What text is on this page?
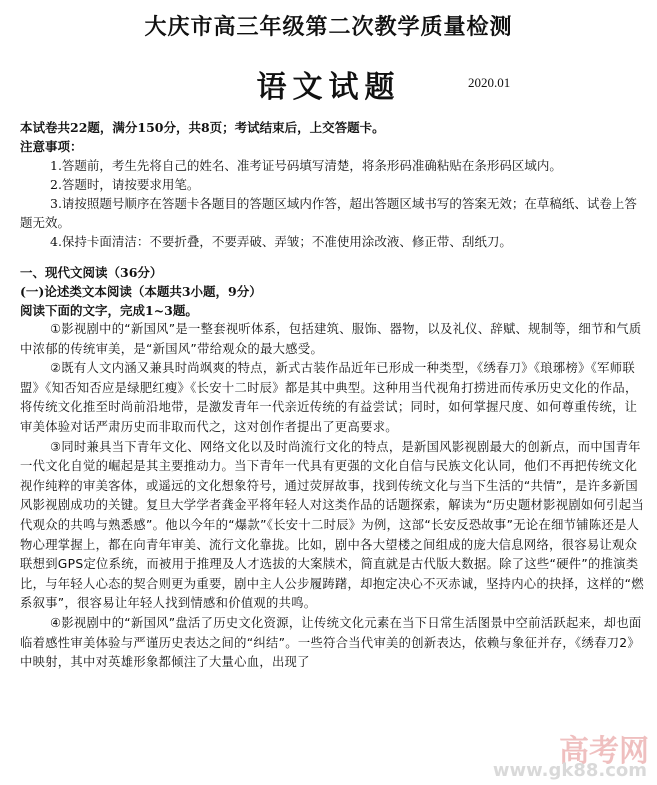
大庆市高三年级第二次教学质量检测
语文试题	2020.01

本试卷共22题，满分150分，共8页；考试结束后，上交答题卡。

注意事项：

1.答题前，考生先将自己的姓名、准考证号码填写清楚，将条形码准确粘贴在条形码区域内。

2.答题时，请按要求用笔。

3.请按照题号顺序在答题卡各题目的答题区域内作答，超出答题区域书写的答案无效；在草稿纸、试卷上答题无效。

4.保持卡面清洁：不要折叠，不要弄破、弄皱；不准使用涂改液、修正带、刮纸刀。

一、现代文阅读（36分）

(一)论述类文本阅读（本题共3小题，9分）

阅读下面的文字，完成1~3题。

①影视剧中的“新国风”是一整套视听体系，包括建筑、服饰、器物，以及礼仪、辞赋、规制等，细节和气质中浓郁的传统审美，是“新国风”带给观众的最大感受。

②既有人文内涵又兼具时尚飒爽的特点，新式古装作品近年已形成一种类型，《绣春刀》《琅琊榜》《军师联盟》《知否知否应是绿肥红瘦》《长安十二时辰》都是其中典型。这种用当代视角打捞进而传承历史文化的作品，将传统文化推至时尚前沿地带，是激发青年一代亲近传统的有益尝试；同时，如何掌握尺度、如何尊重传统，让审美体验对话严肃历史而非取而代之，这对创作者提出了更高要求。

③同时兼具当下青年文化、网络文化以及时尚流行文化的特点，是新国风影视剧最大的创新点，而中国青年一代文化自觉的崛起是其主要推动力。当下青年一代具有更强的文化自信与民族文化认同，他们不再把传统文化视作纯粹的审美客体，或遥远的文化想象符号，通过荧屏故事，找到传统文化与当下生活的“共情”，是许多新国风影视剧成功的关键。复旦大学学者龚金平将年轻人对这类作品的话题探索，解读为“历史题材影视剧如何引起当代观众的共鸣与熟悉感”。他以今年的“爆款”《长安十二时辰》为例，这部“长安反恐故事”无论在细节铺陈还是人物心理掌握上，都在向青年审美、流行文化靠拢。比如，剧中各大望楼之间组成的庞大信息网络，很容易让观众联想到GPS定位系统，而被用于推理及人才选拔的大案牍术，简直就是古代版大数据。除了这些“硬件”的推演类比，与年轻人心态的契合则更为重要，剧中主人公步履踌躇，却抱定决心不灭赤诚，坚持内心的抉择，这样的“燃系叙事”，很容易让年轻人找到情感和价值观的共鸣。

④影视剧中的“新国风”盘活了历史文化资源，让传统文化元素在当下日常生活图景中空前活跃起来，却也面临着感性审美体验与严谨历史表达之间的“纠结”。一些符合当代审美的创新表达，依赖与象征并存，《绣春刀2》中映射，其中对英雄形象都倾注了大量心血，出现了

高考网
www.gk88.com
